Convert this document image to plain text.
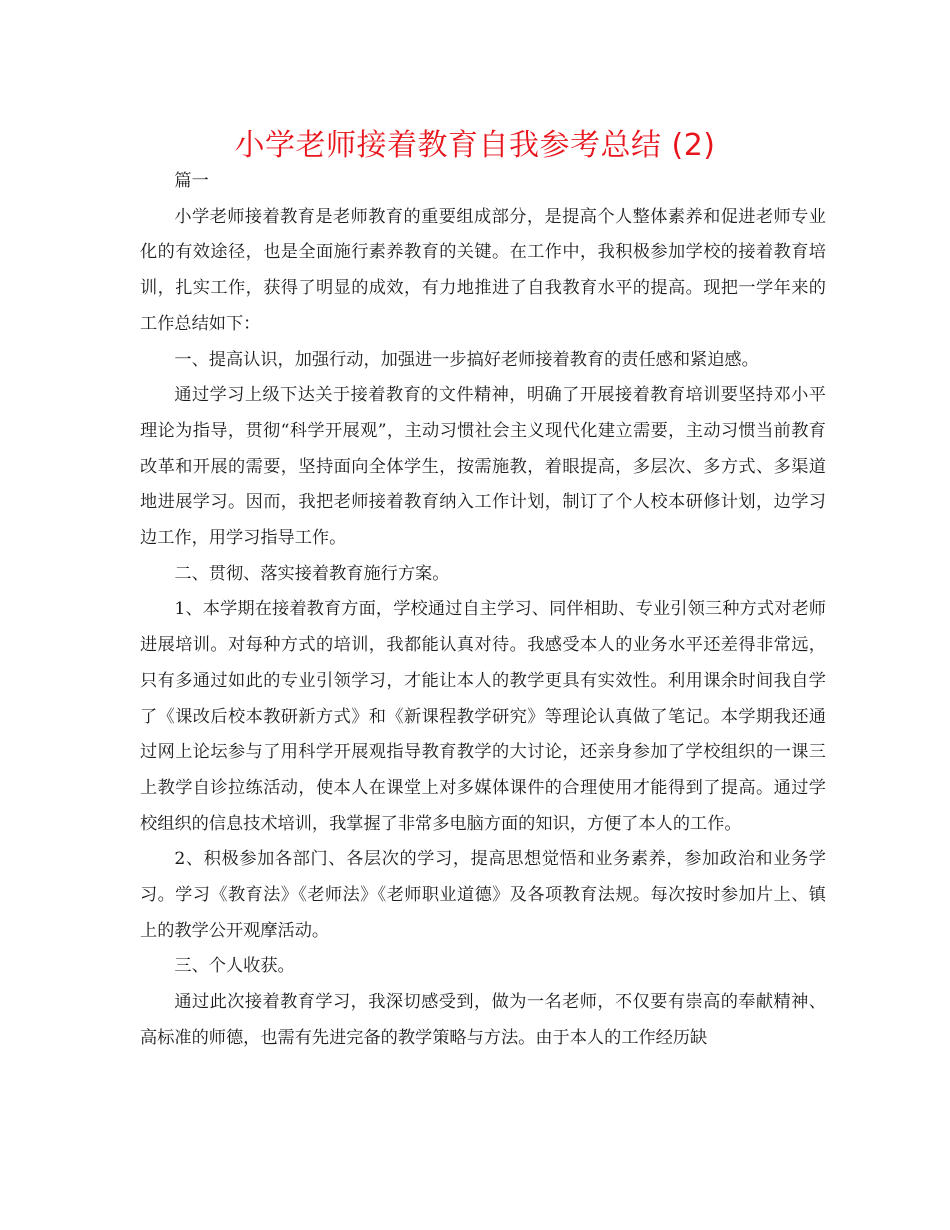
小学老师接着教育自我参考总结 (2)

篇一

小学老师接着教育是老师教育的重要组成部分，是提高个人整体素养和促进老师专业化的有效途径，也是全面施行素养教育的关键。在工作中，我积极参加学校的接着教育培训，扎实工作，获得了明显的成效，有力地推进了自我教育水平的提高。现把一学年来的工作总结如下：

一、提高认识，加强行动，加强进一步搞好老师接着教育的责任感和紧迫感。

通过学习上级下达关于接着教育的文件精神，明确了开展接着教育培训要坚持邓小平理论为指导，贯彻“科学开展观”，主动习惯社会主义现代化建立需要，主动习惯当前教育改革和开展的需要，坚持面向全体学生，按需施教，着眼提高，多层次、多方式、多渠道地进展学习。因而，我把老师接着教育纳入工作计划，制订了个人校本研修计划，边学习边工作，用学习指导工作。

二、贯彻、落实接着教育施行方案。

1、本学期在接着教育方面，学校通过自主学习、同伴相助、专业引领三种方式对老师进展培训。对每种方式的培训，我都能认真对待。我感受本人的业务水平还差得非常远，只有多通过如此的专业引领学习，才能让本人的教学更具有实效性。利用课余时间我自学了《课改后校本教研新方式》和《新课程教学研究》等理论认真做了笔记。本学期我还通过网上论坛参与了用科学开展观指导教育教学的大讨论，还亲身参加了学校组织的一课三上教学自诊拉练活动，使本人在课堂上对多媒体课件的合理使用才能得到了提高。通过学校组织的信息技术培训，我掌握了非常多电脑方面的知识，方便了本人的工作。

2、积极参加各部门、各层次的学习，提高思想觉悟和业务素养，参加政治和业务学习。学习《教育法》《老师法》《老师职业道德》及各项教育法规。每次按时参加片上、镇上的教学公开观摩活动。

三、个人收获。

通过此次接着教育学习，我深切感受到，做为一名老师，不仅要有崇高的奉献精神、高标准的师德，也需有先进完备的教学策略与方法。由于本人的工作经历缺
